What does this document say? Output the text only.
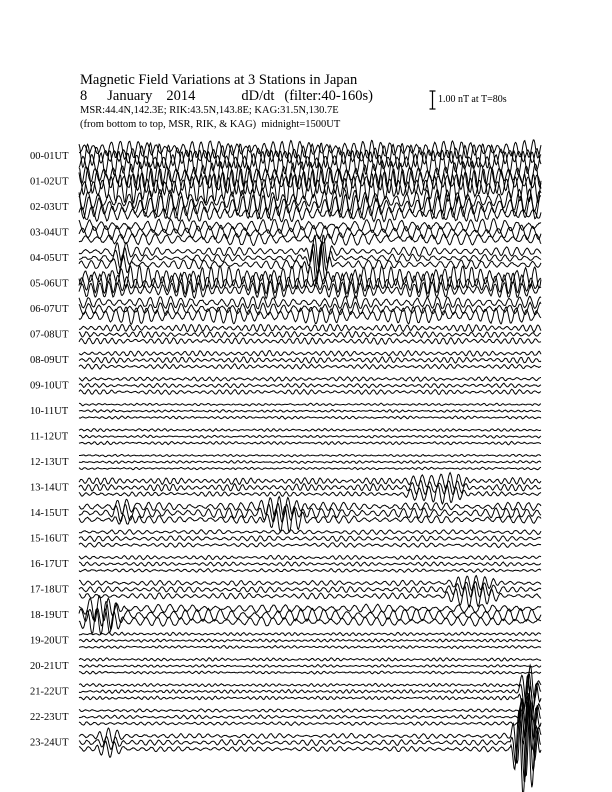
Magnetic Field Variations at 3 Stations in Japan
8 January 2014	dD/dt (filter:40-160s)
MSR:44.4N,142.3E; RIK:43.5N,143.8E; KAG:31.5N,130.7E
(from bottom to top, MSR, RIK, & KAG) midnight=1500UT
1.00 nT at T=80s
00-01UT
01-02UT
02-03UT
03-04UT
04-05UT
05-06UT
06-07UT
07-08UT
08-09UT
09-10UT
10-11UT
11-12UT
12-13UT
13-14UT
14-15UT
15-16UT
16-17UT
17-18UT
18-19UT
19-20UT
20-21UT
21-22UT
22-23UT
23-24UT
